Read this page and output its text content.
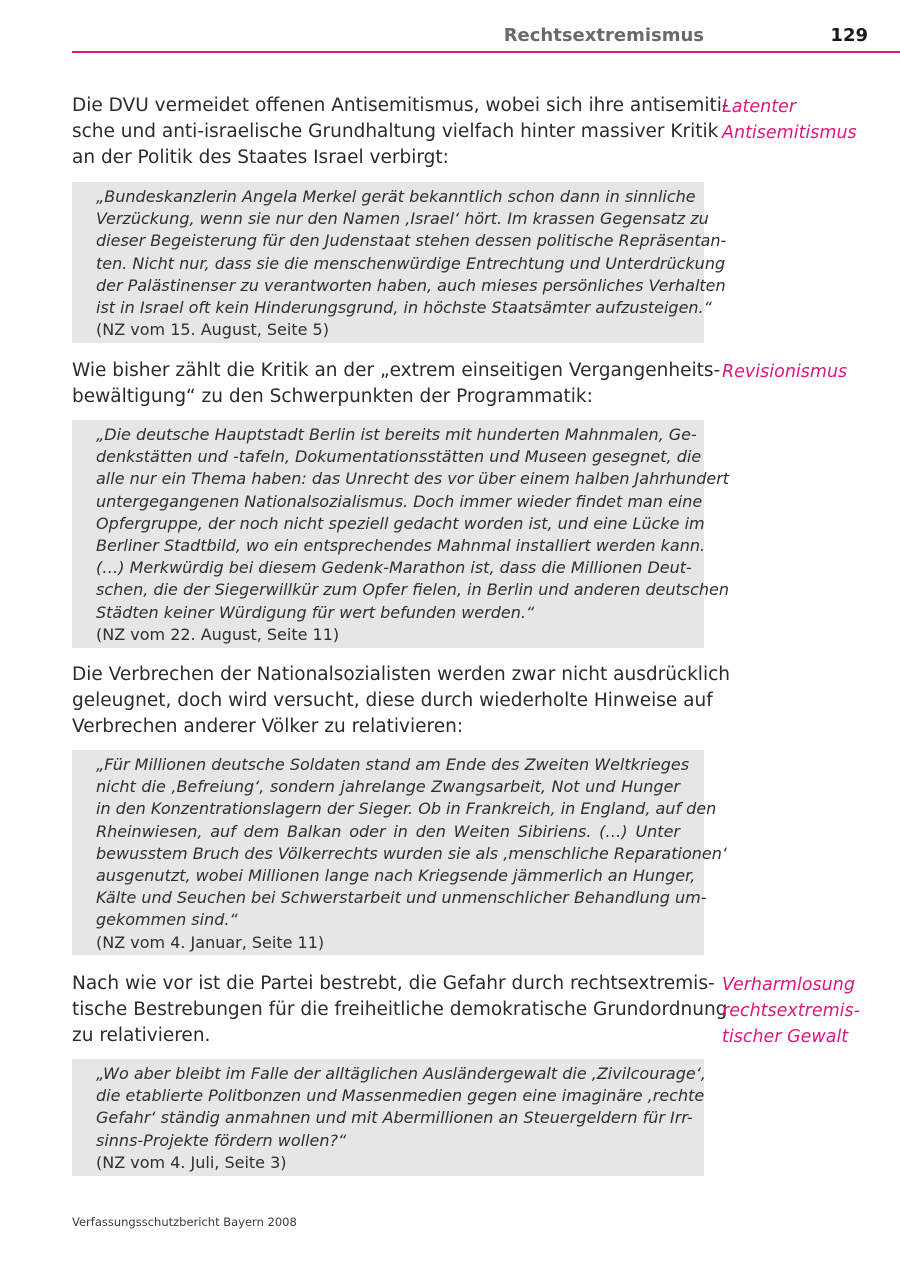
Rechtsextremismus	129
Die DVU vermeidet offenen Antisemitismus, wobei sich ihre antisemiti-
sche und anti-israelische Grundhaltung vielfach hinter massiver Kritik
an der Politik des Staates Israel verbirgt:
Latenter
Antisemitismus
„Bundeskanzlerin Angela Merkel gerät bekanntlich schon dann in sinnliche
Verzückung, wenn sie nur den Namen ‚Israel‘ hört. Im krassen Gegensatz zu
dieser Begeisterung für den Judenstaat stehen dessen politische Repräsentan-
ten. Nicht nur, dass sie die menschenwürdige Entrechtung und Unterdrückung
der Palästinenser zu verantworten haben, auch mieses persönliches Verhalten
ist in Israel oft kein Hinderungsgrund, in höchste Staatsämter aufzusteigen.“
(NZ vom 15. August, Seite 5)
Wie bisher zählt die Kritik an der „extrem einseitigen Vergangenheits-
bewältigung“ zu den Schwerpunkten der Programmatik:
Revisionismus
„Die deutsche Hauptstadt Berlin ist bereits mit hunderten Mahnmalen, Ge-
denkstätten und -tafeln, Dokumentationsstätten und Museen gesegnet, die
alle nur ein Thema haben: das Unrecht des vor über einem halben Jahrhundert
untergegangenen Nationalsozialismus. Doch immer wieder findet man eine
Opfergruppe, der noch nicht speziell gedacht worden ist, und eine Lücke im
Berliner Stadtbild, wo ein entsprechendes Mahnmal installiert werden kann.
(…) Merkwürdig bei diesem Gedenk-Marathon ist, dass die Millionen Deut-
schen, die der Siegerwillkür zum Opfer fielen, in Berlin und anderen deutschen
Städten keiner Würdigung für wert befunden werden.“
(NZ vom 22. August, Seite 11)
Die Verbrechen der Nationalsozialisten werden zwar nicht ausdrücklich
geleugnet, doch wird versucht, diese durch wiederholte Hinweise auf
Verbrechen anderer Völker zu relativieren:
„Für Millionen deutsche Soldaten stand am Ende des Zweiten Weltkrieges
nicht die ‚Befreiung‘, sondern jahrelange Zwangsarbeit, Not und Hunger
in den Konzentrationslagern der Sieger. Ob in Frankreich, in England, auf den
Rheinwiesen, auf dem Balkan oder in den Weiten Sibiriens. (…) Unter
bewusstem Bruch des Völkerrechts wurden sie als ‚menschliche Reparationen‘
ausgenutzt, wobei Millionen lange nach Kriegsende jämmerlich an Hunger,
Kälte und Seuchen bei Schwerstarbeit und unmenschlicher Behandlung um-
gekommen sind.“
(NZ vom 4. Januar, Seite 11)
Nach wie vor ist die Partei bestrebt, die Gefahr durch rechtsextremis-
tische Bestrebungen für die freiheitliche demokratische Grundordnung
zu relativieren.
Verharmlosung
rechtsextremis-
tischer Gewalt
„Wo aber bleibt im Falle der alltäglichen Ausländergewalt die ‚Zivilcourage‘,
die etablierte Politbonzen und Massenmedien gegen eine imaginäre ‚rechte
Gefahr‘ ständig anmahnen und mit Abermillionen an Steuergeldern für Irr-
sinns-Projekte fördern wollen?“
(NZ vom 4. Juli, Seite 3)
Verfassungsschutzbericht Bayern 2008
